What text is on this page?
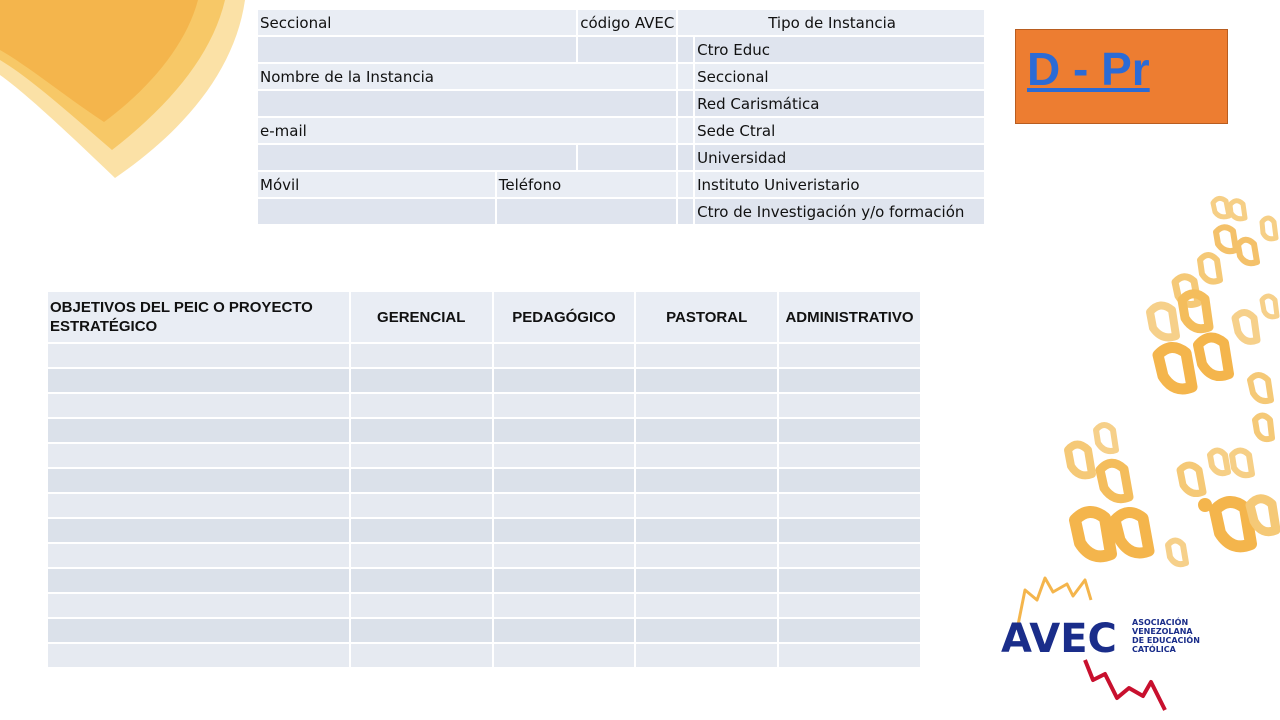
D - Pr
Seccional		código AVEC	Tipo de Instancia	
				Ctro Educ
Nombre de la Instancia				Seccional
				Red Carismática
e-mail				Sede Ctral
				Universidad
Móvil	Teléfono			Instituto Univeristario
				Ctro de Investigación y/o formación
OBJETIVOS DEL PEIC O PROYECTO ESTRATÉGICO	GERENCIAL	PEDAGÓGICO	PASTORAL	ADMINISTRATIVO

AVEC ASOCIACIÓN
VENEZOLANA
DE EDUCACIÓN
CATÓLICA
